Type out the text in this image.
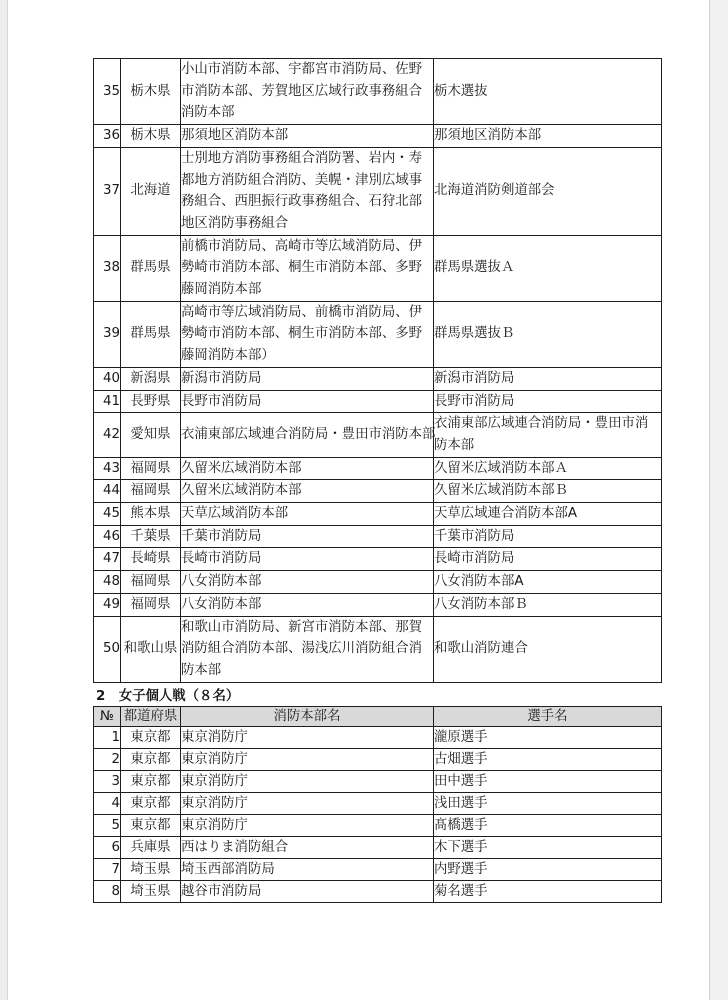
35	栃木県	小山市消防本部、宇都宮市消防局、佐野
市消防本部、芳賀地区広域行政事務組合
消防本部	栃木選抜

36	栃木県	那須地区消防本部	那須地区消防本部

37	北海道	士別地方消防事務組合消防署、岩内・寿
都地方消防組合消防、美幌・津別広域事
務組合、西胆振行政事務組合、石狩北部
地区消防事務組合	北海道消防剣道部会

38	群馬県	前橋市消防局、高崎市等広域消防局、伊
勢崎市消防本部、桐生市消防本部、多野
藤岡消防本部	群馬県選抜Ａ

39	群馬県	高崎市等広域消防局、前橋市消防局、伊
勢崎市消防本部、桐生市消防本部、多野
藤岡消防本部）	群馬県選抜Ｂ

40	新潟県	新潟市消防局	新潟市消防局

41	長野県	長野市消防局	長野市消防局

42	愛知県	衣浦東部広域連合消防局・豊田市消防本部	衣浦東部広域連合消防局・豊田市消
防本部

43	福岡県	久留米広域消防本部	久留米広域消防本部Ａ

44	福岡県	久留米広域消防本部	久留米広域消防本部Ｂ

45	熊本県	天草広域消防本部	天草広域連合消防本部A

46	千葉県	千葉市消防局	千葉市消防局

47	長崎県	長崎市消防局	長崎市消防局

48	福岡県	八女消防本部	八女消防本部A

49	福岡県	八女消防本部	八女消防本部Ｂ

50	和歌山県	和歌山市消防局、新宮市消防本部、那賀
消防組合消防本部、湯浅広川消防組合消
防本部	和歌山消防連合
2　女子個人戦（８名）
№	都道府県	消防本部名	選手名
1	東京都	東京消防庁	瀧原選手
2	東京都	東京消防庁	古畑選手
3	東京都	東京消防庁	田中選手
4	東京都	東京消防庁	浅田選手
5	東京都	東京消防庁	髙橋選手
6	兵庫県	西はりま消防組合	木下選手
7	埼玉県	埼玉西部消防局	内野選手
8	埼玉県	越谷市消防局	菊名選手
